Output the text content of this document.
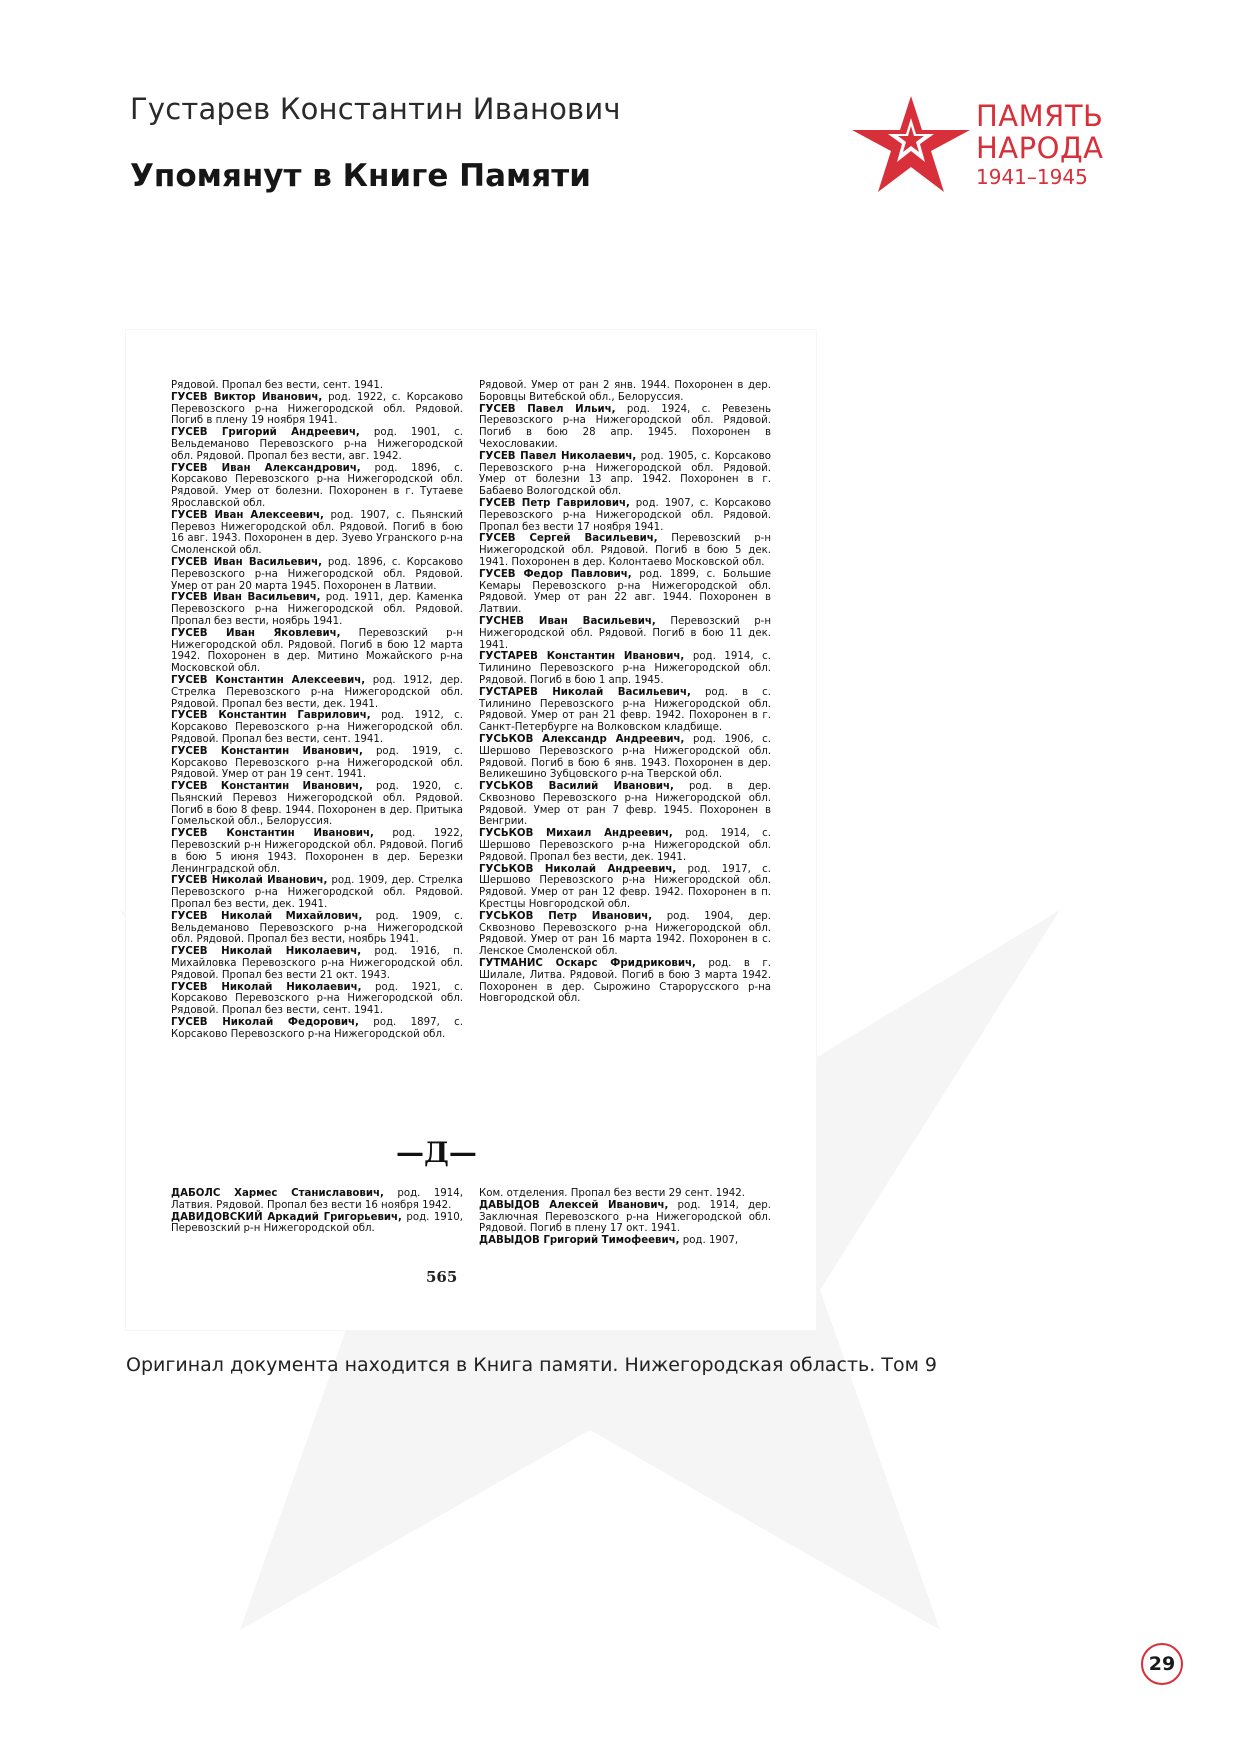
Густарев Константин Иванович
Упомянут в Книге Памяти
ПАМЯТЬ
НАРОДА
1941–1945

Рядовой. Пропал без вести, сент. 1941.

ГУСЕВ Виктор Иванович, род. 1922, с. Корсаково Перевозского р-на Нижегородской обл. Рядовой. Погиб в плену 19 ноября 1941.

ГУСЕВ Григорий Андреевич, род. 1901, с. Вельдеманово Перевозского р-на Нижегородской обл. Рядовой. Пропал без вести, авг. 1942.

ГУСЕВ Иван Александрович, род. 1896, с. Корсаково Перевозского р-на Нижегородской обл. Рядовой. Умер от болезни. Похоронен в г. Тутаеве Ярославской обл.

ГУСЕВ Иван Алексеевич, род. 1907, с. Пьянский Перевоз Нижегородской обл. Рядовой. Погиб в бою 16 авг. 1943. Похоронен в дер. Зуево Угранского р-на Смоленской обл.

ГУСЕВ Иван Васильевич, род. 1896, с. Корсаково Перевозского р-на Нижегородской обл. Рядовой. Умер от ран 20 марта 1945. Похоронен в Латвии.

ГУСЕВ Иван Васильевич, род. 1911, дер. Каменка Перевозского р-на Нижегородской обл. Рядовой. Пропал без вести, ноябрь 1941.

ГУСЕВ Иван Яковлевич, Перевозский р-н Нижегородской обл. Рядовой. Погиб в бою 12 марта 1942. Похоронен в дер. Митино Можайского р-на Московской обл.

ГУСЕВ Константин Алексеевич, род. 1912, дер. Стрелка Перевозского р-на Нижегородской обл. Рядовой. Пропал без вести, дек. 1941.

ГУСЕВ Константин Гаврилович, род. 1912, с. Корсаково Перевозского р-на Нижегородской обл. Рядовой. Пропал без вести, сент. 1941.

ГУСЕВ Константин Иванович, род. 1919, с. Корсаково Перевозского р-на Нижегородской обл. Рядовой. Умер от ран 19 сент. 1941.

ГУСЕВ Константин Иванович, род. 1920, с. Пьянский Перевоз Нижегородской обл. Рядовой. Погиб в бою 8 февр. 1944. Похоронен в дер. Притыка Гомельской обл., Белоруссия.

ГУСЕВ Константин Иванович, род. 1922, Перевозский р-н Нижегородской обл. Рядовой. Погиб в бою 5 июня 1943. Похоронен в дер. Березки Ленинградской обл.

ГУСЕВ Николай Иванович, род. 1909, дер. Стрелка Перевозского р-на Нижегородской обл. Рядовой. Пропал без вести, дек. 1941.

ГУСЕВ Николай Михайлович, род. 1909, с. Вельдеманово Перевозского р-на Нижегородской обл. Рядовой. Пропал без вести, ноябрь 1941.

ГУСЕВ Николай Николаевич, род. 1916, п. Михайловка Перевозского р-на Нижегородской обл. Рядовой. Пропал без вести 21 окт. 1943.

ГУСЕВ Николай Николаевич, род. 1921, с. Корсаково Перевозского р-на Нижегородской обл. Рядовой. Пропал без вести, сент. 1941.

ГУСЕВ Николай Федорович, род. 1897, с. Корсаково Перевозского р-на Нижегородской обл.

Рядовой. Умер от ран 2 янв. 1944. Похоронен в дер. Боровцы Витебской обл., Белоруссия.

ГУСЕВ Павел Ильич, род. 1924, с. Ревезень Перевозского р-на Нижегородской обл. Рядовой. Погиб в бою 28 апр. 1945. Похоронен в Чехословакии.

ГУСЕВ Павел Николаевич, род. 1905, с. Корсаково Перевозского р-на Нижегородской обл. Рядовой. Умер от болезни 13 апр. 1942. Похоронен в г. Бабаево Вологодской обл.

ГУСЕВ Петр Гаврилович, род. 1907, с. Корсаково Перевозского р-на Нижегородской обл. Рядовой. Пропал без вести 17 ноября 1941.

ГУСЕВ Сергей Васильевич, Перевозский р-н Нижегородской обл. Рядовой. Погиб в бою 5 дек. 1941. Похоронен в дер. Колонтаево Московской обл.

ГУСЕВ Федор Павлович, род. 1899, с. Большие Кемары Перевозского р-на Нижегородской обл. Рядовой. Умер от ран 22 авг. 1944. Похоронен в Латвии.

ГУСНЕВ Иван Васильевич, Перевозский р-н Нижегородской обл. Рядовой. Погиб в бою 11 дек. 1941.

ГУСТАРЕВ Константин Иванович, род. 1914, с. Тилинино Перевозского р-на Нижегородской обл. Рядовой. Погиб в бою 1 апр. 1945.

ГУСТАРЕВ Николай Васильевич, род. в с. Тилинино Перевозского р-на Нижегородской обл. Рядовой. Умер от ран 21 февр. 1942. Похоронен в г. Санкт-Петербурге на Волковском кладбище.

ГУСЬКОВ Александр Андреевич, род. 1906, с. Шершово Перевозского р-на Нижегородской обл. Рядовой. Погиб в бою 6 янв. 1943. Похоронен в дер. Великешино Зубцовского р-на Тверской обл.

ГУСЬКОВ Василий Иванович, род. в дер. Сквозново Перевозского р-на Нижегородской обл. Рядовой. Умер от ран 7 февр. 1945. Похоронен в Венгрии.

ГУСЬКОВ Михаил Андреевич, род. 1914, с. Шершово Перевозского р-на Нижегородской обл. Рядовой. Пропал без вести, дек. 1941.

ГУСЬКОВ Николай Андреевич, род. 1917, с. Шершово Перевозского р-на Нижегородской обл. Рядовой. Умер от ран 12 февр. 1942. Похоронен в п. Крестцы Новгородской обл.

ГУСЬКОВ Петр Иванович, род. 1904, дер. Сквозново Перевозского р-на Нижегородской обл. Рядовой. Умер от ран 16 марта 1942. Похоронен в с. Ленское Смоленской обл.

ГУТМАНИС Оскарс Фридрикович, род. в г. Шилале, Литва. Рядовой. Погиб в бою 3 марта 1942. Похоронен в дер. Сырожино Старорусского р-на Новгородской обл.

—Д—

ДАБОЛС Хармес Станиславович, род. 1914, Латвия. Рядовой. Пропал без вести 16 ноября 1942.

ДАВИДОВСКИЙ Аркадий Григорьевич, род. 1910, Перевозский р-н Нижегородской обл.

Ком. отделения. Пропал без вести 29 сент. 1942.

ДАВЫДОВ Алексей Иванович, род. 1914, дер. Заключная Перевозского р-на Нижегородской обл. Рядовой. Погиб в плену 17 окт. 1941.

ДАВЫДОВ Григорий Тимофеевич, род. 1907,

565
Оригинал документа находится в Книга памяти. Нижегородская область. Том 9
29
